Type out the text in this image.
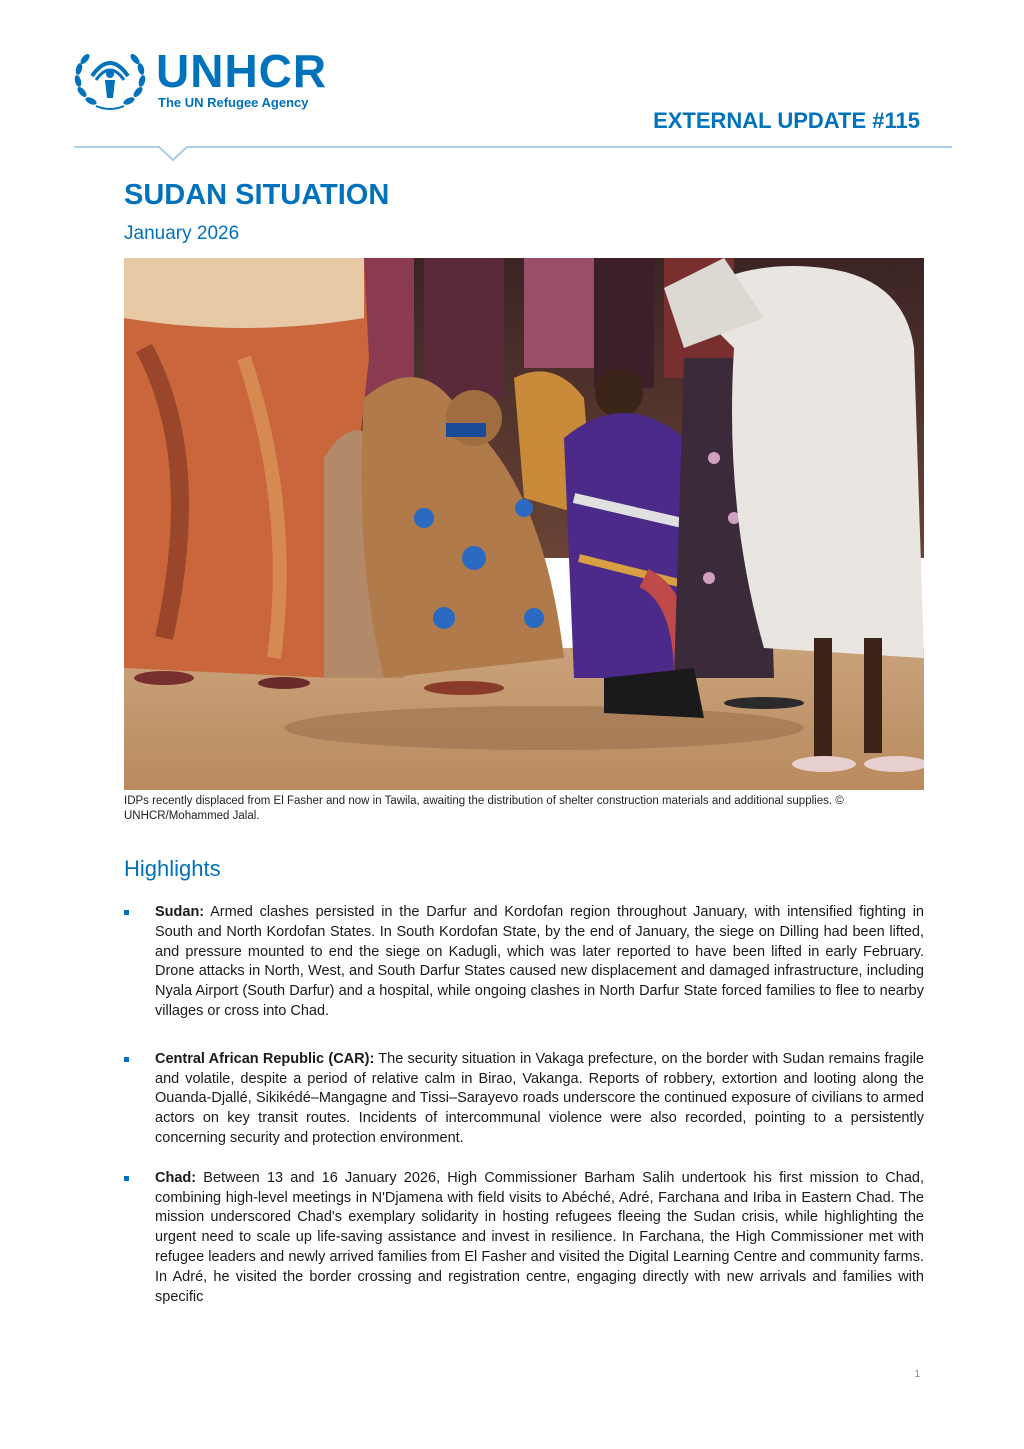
UNHCR
The UN Refugee Agency
EXTERNAL UPDATE #115
SUDAN SITUATION
January 2026
IDPs recently displaced from El Fasher and now in Tawila, awaiting the distribution of shelter construction materials and additional supplies. © UNHCR/Mohammed Jalal.
Highlights
Sudan: Armed clashes persisted in the Darfur and Kordofan region throughout January, with intensified fighting in South and North Kordofan States. In South Kordofan State, by the end of January, the siege on Dilling had been lifted, and pressure mounted to end the siege on Kadugli, which was later reported to have been lifted in early February. Drone attacks in North, West, and South Darfur States caused new displacement and damaged infrastructure, including Nyala Airport (South Darfur) and a hospital, while ongoing clashes in North Darfur State forced families to flee to nearby villages or cross into Chad.
Central African Republic (CAR): The security situation in Vakaga prefecture, on the border with Sudan remains fragile and volatile, despite a period of relative calm in Birao, Vakanga. Reports of robbery, extortion and looting along the Ouanda-Djallé, Sikikédé–Mangagne and Tissi–Sarayevo roads underscore the continued exposure of civilians to armed actors on key transit routes. Incidents of intercommunal violence were also recorded, pointing to a persistently concerning security and protection environment.
Chad: Between 13 and 16 January 2026, High Commissioner Barham Salih undertook his first mission to Chad, combining high-level meetings in N'Djamena with field visits to Abéché, Adré, Farchana and Iriba in Eastern Chad. The mission underscored Chad's exemplary solidarity in hosting refugees fleeing the Sudan crisis, while highlighting the urgent need to scale up life-saving assistance and invest in resilience. In Farchana, the High Commissioner met with refugee leaders and newly arrived families from El Fasher and visited the Digital Learning Centre and community farms. In Adré, he visited the border crossing and registration centre, engaging directly with new arrivals and families with specific
1
